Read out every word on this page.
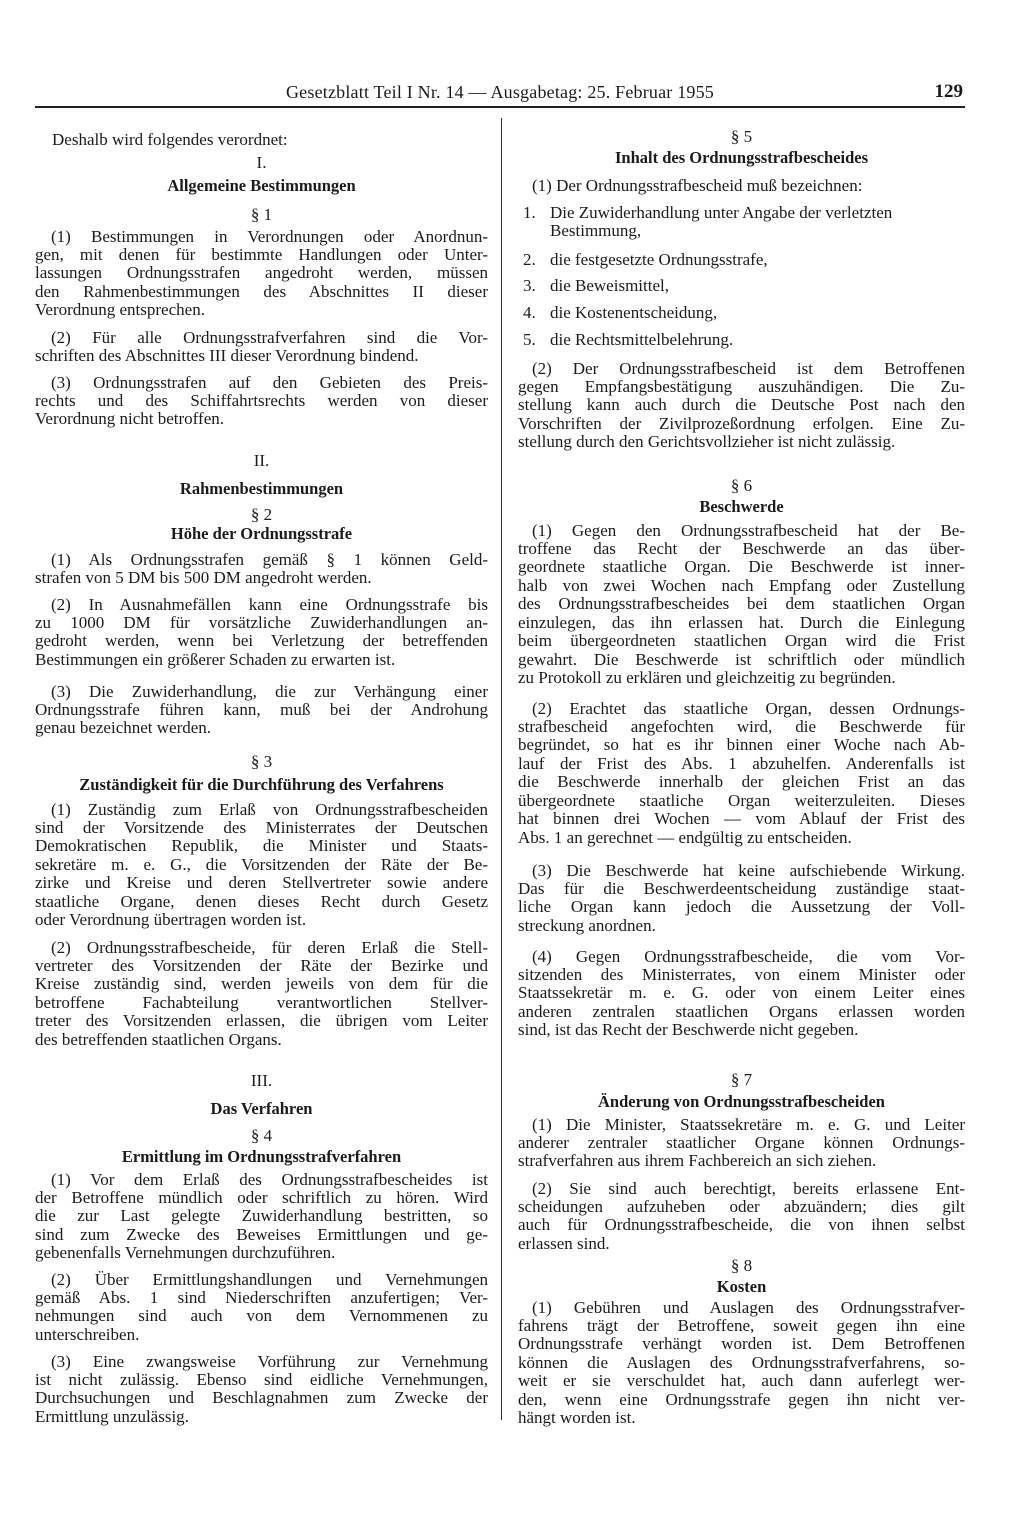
Gesetzblatt Teil I Nr. 14 — Ausgabetag: 25. Februar 1955	129
Deshalb wird folgendes verordnet:
I.
Allgemeine Bestimmungen
§ 1
(1) Bestimmungen in Verordnungen oder Anordnun-
gen, mit denen für bestimmte Handlungen oder Unter-
lassungen Ordnungsstrafen angedroht werden, müssen
den Rahmenbestimmungen des Abschnittes II dieser
Verordnung entsprechen.
(2) Für alle Ordnungsstrafverfahren sind die Vor-
schriften des Abschnittes III dieser Verordnung bindend.
(3) Ordnungsstrafen auf den Gebieten des Preis-
rechts und des Schiffahrtsrechts werden von dieser
Verordnung nicht betroffen.
II.
Rahmenbestimmungen
§ 2
Höhe der Ordnungsstrafe
(1) Als Ordnungsstrafen gemäß § 1 können Geld-
strafen von 5 DM bis 500 DM angedroht werden.
(2) In Ausnahmefällen kann eine Ordnungsstrafe bis
zu 1000 DM für vorsätzliche Zuwiderhandlungen an-
gedroht werden, wenn bei Verletzung der betreffenden
Bestimmungen ein größerer Schaden zu erwarten ist.
(3) Die Zuwiderhandlung, die zur Verhängung einer
Ordnungsstrafe führen kann, muß bei der Androhung
genau bezeichnet werden.
§ 3
Zuständigkeit für die Durchführung des Verfahrens
(1) Zuständig zum Erlaß von Ordnungsstrafbescheiden
sind der Vorsitzende des Ministerrates der Deutschen
Demokratischen Republik, die Minister und Staats-
sekretäre m. e. G., die Vorsitzenden der Räte der Be-
zirke und Kreise und deren Stellvertreter sowie andere
staatliche Organe, denen dieses Recht durch Gesetz
oder Verordnung übertragen worden ist.
(2) Ordnungsstrafbescheide, für deren Erlaß die Stell-
vertreter des Vorsitzenden der Räte der Bezirke und
Kreise zuständig sind, werden jeweils von dem für die
betroffene Fachabteilung verantwortlichen Stellver-
treter des Vorsitzenden erlassen, die übrigen vom Leiter
des betreffenden staatlichen Organs.
III.
Das Verfahren
§ 4
Ermittlung im Ordnungsstrafverfahren
(1) Vor dem Erlaß des Ordnungsstrafbescheides ist
der Betroffene mündlich oder schriftlich zu hören. Wird
die zur Last gelegte Zuwiderhandlung bestritten, so
sind zum Zwecke des Beweises Ermittlungen und ge-
gebenenfalls Vernehmungen durchzuführen.
(2) Über Ermittlungshandlungen und Vernehmungen
gemäß Abs. 1 sind Niederschriften anzufertigen; Ver-
nehmungen sind auch von dem Vernommenen zu
unterschreiben.
(3) Eine zwangsweise Vorführung zur Vernehmung
ist nicht zulässig. Ebenso sind eidliche Vernehmungen,
Durchsuchungen und Beschlagnahmen zum Zwecke der
Ermittlung unzulässig.
§ 5
Inhalt des Ordnungsstrafbescheides
(1) Der Ordnungsstrafbescheid muß bezeichnen:
1. Die Zuwiderhandlung unter Angabe der verletzten
Bestimmung,
2. die festgesetzte Ordnungsstrafe,
3. die Beweismittel,
4. die Kostenentscheidung,
5. die Rechtsmittelbelehrung.
(2) Der Ordnungsstrafbescheid ist dem Betroffenen
gegen Empfangsbestätigung auszuhändigen. Die Zu-
stellung kann auch durch die Deutsche Post nach den
Vorschriften der Zivilprozeßordnung erfolgen. Eine Zu-
stellung durch den Gerichtsvollzieher ist nicht zulässig.
§ 6
Beschwerde
(1) Gegen den Ordnungsstrafbescheid hat der Be-
troffene das Recht der Beschwerde an das über-
geordnete staatliche Organ. Die Beschwerde ist inner-
halb von zwei Wochen nach Empfang oder Zustellung
des Ordnungsstrafbescheides bei dem staatlichen Organ
einzulegen, das ihn erlassen hat. Durch die Einlegung
beim übergeordneten staatlichen Organ wird die Frist
gewahrt. Die Beschwerde ist schriftlich oder mündlich
zu Protokoll zu erklären und gleichzeitig zu begründen.
(2) Erachtet das staatliche Organ, dessen Ordnungs-
strafbescheid angefochten wird, die Beschwerde für
begründet, so hat es ihr binnen einer Woche nach Ab-
lauf der Frist des Abs. 1 abzuhelfen. Anderenfalls ist
die Beschwerde innerhalb der gleichen Frist an das
übergeordnete staatliche Organ weiterzuleiten. Dieses
hat binnen drei Wochen — vom Ablauf der Frist des
Abs. 1 an gerechnet — endgültig zu entscheiden.
(3) Die Beschwerde hat keine aufschiebende Wirkung.
Das für die Beschwerdeentscheidung zuständige staat-
liche Organ kann jedoch die Aussetzung der Voll-
streckung anordnen.
(4) Gegen Ordnungsstrafbescheide, die vom Vor-
sitzenden des Ministerrates, von einem Minister oder
Staatssekretär m. e. G. oder von einem Leiter eines
anderen zentralen staatlichen Organs erlassen worden
sind, ist das Recht der Beschwerde nicht gegeben.
§ 7
Änderung von Ordnungsstrafbescheiden
(1) Die Minister, Staatssekretäre m. e. G. und Leiter
anderer zentraler staatlicher Organe können Ordnungs-
strafverfahren aus ihrem Fachbereich an sich ziehen.
(2) Sie sind auch berechtigt, bereits erlassene Ent-
scheidungen aufzuheben oder abzuändern; dies gilt
auch für Ordnungsstrafbescheide, die von ihnen selbst
erlassen sind.
§ 8
Kosten
(1) Gebühren und Auslagen des Ordnungsstrafver-
fahrens trägt der Betroffene, soweit gegen ihn eine
Ordnungsstrafe verhängt worden ist. Dem Betroffenen
können die Auslagen des Ordnungsstrafverfahrens, so-
weit er sie verschuldet hat, auch dann auferlegt wer-
den, wenn eine Ordnungsstrafe gegen ihn nicht ver-
hängt worden ist.
